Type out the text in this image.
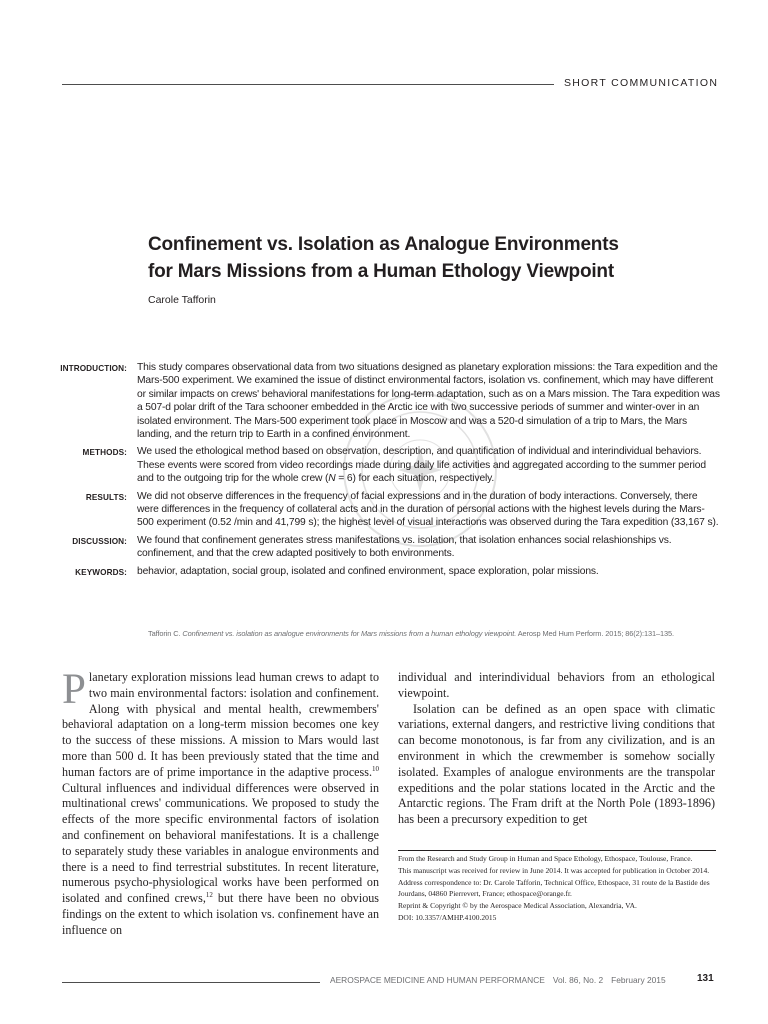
SHORT COMMUNICATION
Confinement vs. Isolation as Analogue Environments
for Mars Missions from a Human Ethology Viewpoint
Carole Tafforin
INTRODUCTION: This study compares observational data from two situations designed as planetary exploration missions: the Tara expedition and the Mars-500 experiment. We examined the issue of distinct environmental factors, isolation vs. confinement, which may have different or similar impacts on crews' behavioral manifestations for long-term adaptation, such as on a Mars mission. The Tara expedition was a 507-d polar drift of the Tara schooner embedded in the Arctic ice with two successive periods of summer and winter-over in an isolated environment. The Mars-500 experiment took place in Moscow and was a 520-d simulation of a trip to Mars, the Mars landing, and the return trip to Earth in a confined environment.
METHODS: We used the ethological method based on observation, description, and quantification of individual and interindividual behaviors. These events were scored from video recordings made during daily life activities and aggregated according to the summer period and to the outgoing trip for the whole crew (N = 6) for each situation, respectively.
RESULTS: We did not observe differences in the frequency of facial expressions and in the duration of body interactions. Conversely, there were differences in the frequency of collateral acts and in the duration of personal actions with the highest levels during the Mars-500 experiment (0.52 /min and 41,799 s); the highest level of visual interactions was observed during the Tara expedition (33,167 s).
DISCUSSION: We found that confinement generates stress manifestations vs. isolation, that isolation enhances social relashionships vs. confinement, and that the crew adapted positively to both environments.
KEYWORDS: behavior, adaptation, social group, isolated and confined environment, space exploration, polar missions.
Tafforin C. Confinement vs. isolation as analogue environments for Mars missions from a human ethology viewpoint. Aerosp Med Hum Perform. 2015; 86(2):131–135.

Planetary exploration missions lead human crews to adapt to two main environmental factors: isolation and confinement. Along with physical and mental health, crewmembers' behavioral adaptation on a long-term mission becomes one key to the success of these missions. A mission to Mars would last more than 500 d. It has been previously stated that the time and human factors are of prime importance in the adaptive process.$^{10}$ Cultural influences and individual differences were observed in multinational crews' communications. We proposed to study the effects of the more specific environmental factors of isolation and confinement on behavioral manifestations. It is a challenge to separately study these variables in analogue environments and there is a need to find terrestrial substitutes. In recent literature, numerous psycho-physiological works have been performed on isolated and confined crews,$^{12}$ but there have been no obvious findings on the extent to which isolation vs. confinement have an influence on

individual and interindividual behaviors from an ethological viewpoint.

Isolation can be defined as an open space with climatic variations, external dangers, and restrictive living conditions that can become monotonous, is far from any civilization, and is an environment in which the crewmember is somehow socially isolated. Examples of analogue environments are the transpolar expeditions and the polar stations located in the Arctic and the Antarctic regions. The Fram drift at the North Pole (1893-1896) has been a precursory expedition to get

From the Research and Study Group in Human and Space Ethology, Ethospace, Toulouse, France.

This manuscript was received for review in June 2014. It was accepted for publication in October 2014.

Address correspondence to: Dr. Carole Tafforin, Technical Office, Ethospace, 31 route de la Bastide des Jourdans, 04860 Pierrevert, France; ethospace@orange.fr.

Reprint & Copyright © by the Aerospace Medical Association, Alexandria, VA.

DOI: 10.3357/AMHP.4100.2015

AEROSPACE MEDICINE AND HUMAN PERFORMANCE Vol. 86, No. 2 February 2015	131
